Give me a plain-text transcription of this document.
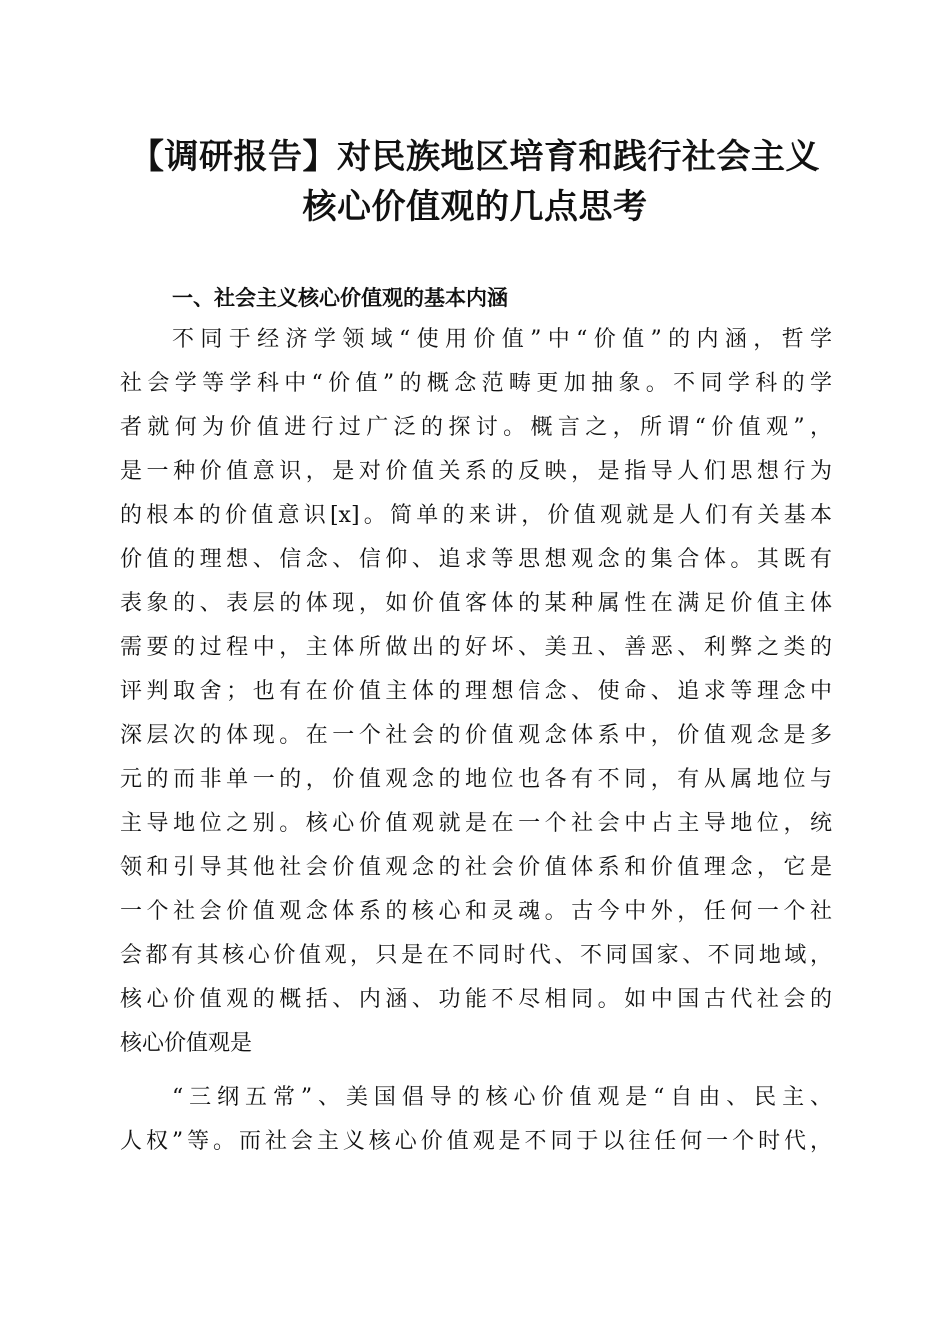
【调研报告】对民族地区培育和践行社会主义
核心价值观的几点思考
一、社会主义核心价值观的基本内涵
不同于经济学领域“使用价值”中“价值”的内涵，哲学
社会学等学科中“价值”的概念范畴更加抽象。不同学科的学
者就何为价值进行过广泛的探讨。概言之，所谓“价值观”，
是一种价值意识，是对价值关系的反映，是指导人们思想行为
的根本的价值意识[x]。简单的来讲，价值观就是人们有关基本
价值的理想、信念、信仰、追求等思想观念的集合体。其既有
表象的、表层的体现，如价值客体的某种属性在满足价值主体
需要的过程中，主体所做出的好坏、美丑、善恶、利弊之类的
评判取舍；也有在价值主体的理想信念、使命、追求等理念中
深层次的体现。在一个社会的价值观念体系中，价值观念是多
元的而非单一的，价值观念的地位也各有不同，有从属地位与
主导地位之别。核心价值观就是在一个社会中占主导地位，统
领和引导其他社会价值观念的社会价值体系和价值理念，它是
一个社会价值观念体系的核心和灵魂。古今中外，任何一个社
会都有其核心价值观，只是在不同时代、不同国家、不同地域，
核心价值观的概括、内涵、功能不尽相同。如中国古代社会的
核心价值观是
“三纲五常”、美国倡导的核心价值观是“自由、民主、
人权”等。而社会主义核心价值观是不同于以往任何一个时代，
